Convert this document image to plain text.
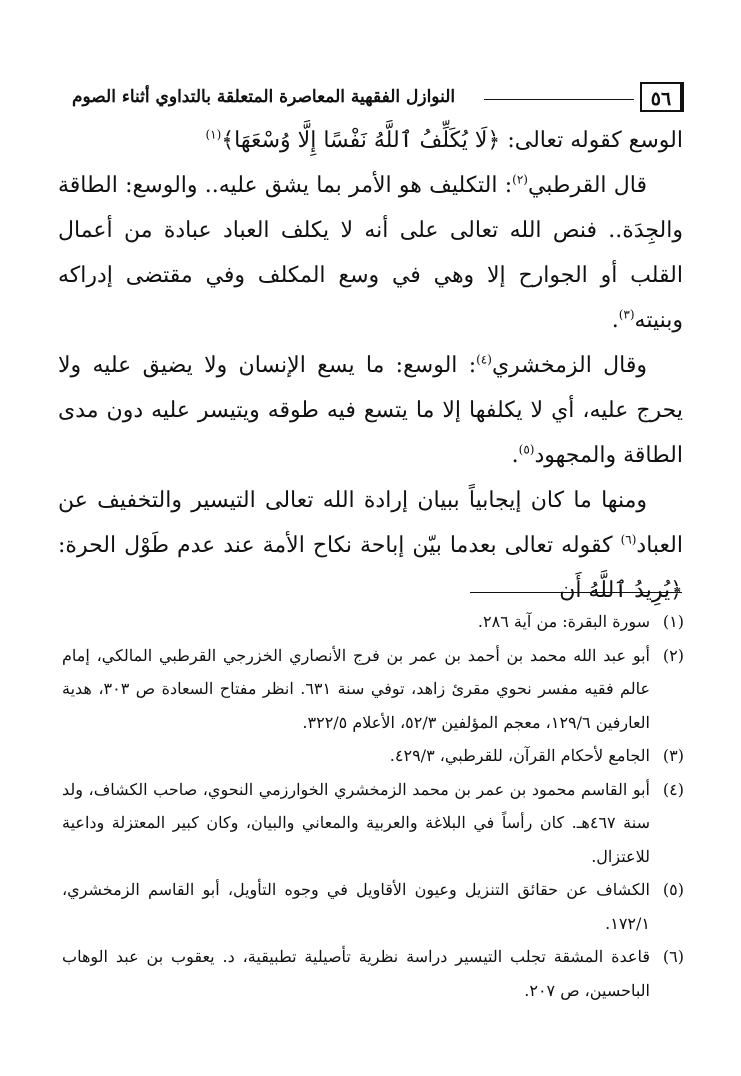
٥٦
النوازل الفقهية المعاصرة المتعلقة بالتداوي أثناء الصوم

الوسع كقوله تعالى: ﴿لَا يُكَلِّفُ ٱللَّهُ نَفْسًا إِلَّا وُسْعَهَا﴾$^{(١)}$

قال القرطبي$^{(٢)}$: التكليف هو الأمر بما يشق عليه.. والوسع: الطاقة والجِدَة.. فنص الله تعالى على أنه لا يكلف العباد عبادة من أعمال القلب أو الجوارح إلا وهي في وسع المكلف وفي مقتضى إدراكه وبنيته$^{(٣)}$.

وقال الزمخشري$^{(٤)}$: الوسع: ما يسع الإنسان ولا يضيق عليه ولا يحرج عليه، أي لا يكلفها إلا ما يتسع فيه طوقه ويتيسر عليه دون مدى الطاقة والمجهود$^{(٥)}$.

ومنها ما كان إيجابياً ببيان إرادة الله تعالى التيسير والتخفيف عن العباد$^{(٦)}$ كقوله تعالى بعدما بيّن إباحة نكاح الأمة عند عدم طَوْل الحرة: ﴿يُرِيدُ ٱللَّهُ أَن

(١)
سورة البقرة: من آية ٢٨٦.
(٢)
أبو عبد الله محمد بن أحمد بن عمر بن فرج الأنصاري الخزرجي القرطبي المالكي، إمام عالم فقيه مفسر نحوي مقرئ زاهد، توفي سنة ٦٣١. انظر مفتاح السعادة ص ٣٠٣، هدية العارفين ١٢٩/٦، معجم المؤلفين ٥٢/٣، الأعلام ٣٢٢/٥.
(٣)
الجامع لأحكام القرآن، للقرطبي، ٤٢٩/٣.
(٤)
أبو القاسم محمود بن عمر بن محمد الزمخشري الخوارزمي النحوي، صاحب الكشاف، ولد سنة ٤٦٧هـ. كان رأساً في البلاغة والعربية والمعاني والبيان، وكان كبير المعتزلة وداعية للاعتزال.
(٥)
الكشاف عن حقائق التنزيل وعيون الأقاويل في وجوه التأويل، أبو القاسم الزمخشري، ١٧٢/١.
(٦)
قاعدة المشقة تجلب التيسير دراسة نظرية تأصيلية تطبيقية، د. يعقوب بن عبد الوهاب الباحسين، ص ٢٠٧.
